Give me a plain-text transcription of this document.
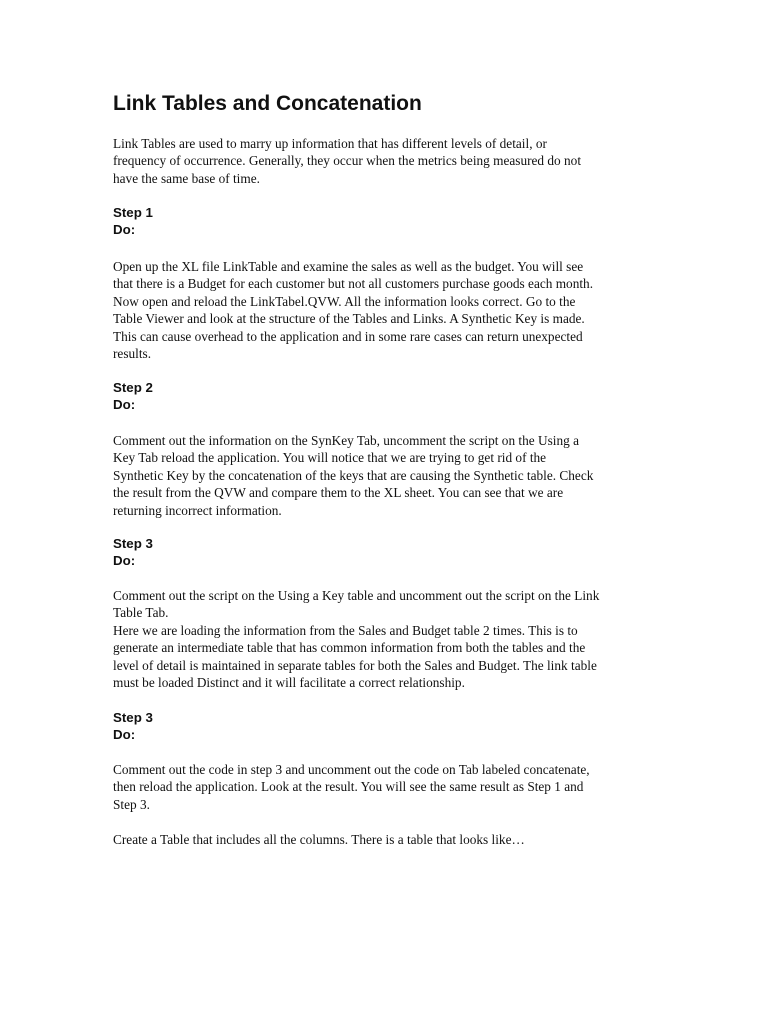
Link Tables and Concatenation

Link Tables are used to marry up information that has different levels of detail, or
frequency of occurrence. Generally, they occur when the metrics being measured do not
have the same base of time.

Step 1
Do:

Open up the XL file LinkTable and examine the sales as well as the budget. You will see
that there is a Budget for each customer but not all customers purchase goods each month.
Now open and reload the LinkTabel.QVW. All the information looks correct. Go to the
Table Viewer and look at the structure of the Tables and Links. A Synthetic Key is made.
This can cause overhead to the application and in some rare cases can return unexpected
results.

Step 2
Do:

Comment out the information on the SynKey Tab, uncomment the script on the Using a
Key Tab reload the application. You will notice that we are trying to get rid of the
Synthetic Key by the concatenation of the keys that are causing the Synthetic table. Check
the result from the QVW and compare them to the XL sheet. You can see that we are
returning incorrect information.

Step 3
Do:

Comment out the script on the Using a Key table and uncomment out the script on the Link
Table Tab.
Here we are loading the information from the Sales and Budget table 2 times. This is to
generate an intermediate table that has common information from both the tables and the
level of detail is maintained in separate tables for both the Sales and Budget. The link table
must be loaded Distinct and it will facilitate a correct relationship.

Step 3
Do:

Comment out the code in step 3 and uncomment out the code on Tab labeled concatenate,
then reload the application. Look at the result. You will see the same result as Step 1 and
Step 3.

Create a Table that includes all the columns. There is a table that looks like…
